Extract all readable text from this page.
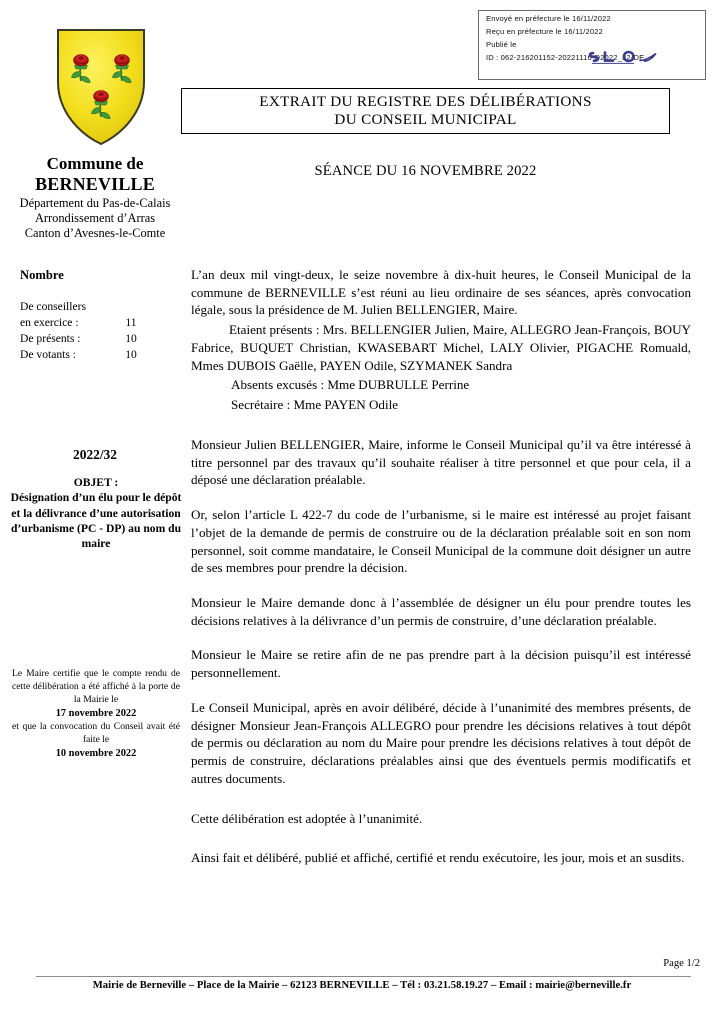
Envoyé en préfecture le 16/11/2022
Reçu en préfecture le 16/11/2022
Publié le
ID : 062-216201152-20221116-D2022_32-DE
Commune de
BERNEVILLE
Département du Pas-de-Calais
Arrondissement d’Arras
Canton d’Avesnes-le-Comte
EXTRAIT DU REGISTRE DES DÉLIBÉRATIONS
DU CONSEIL MUNICIPAL
SÉANCE DU 16 NOVEMBRE 2022
Nombre
De conseillers
en exercice :	11
De présents :	10
De votants :	10
2022/32
OBJET :
Désignation d’un élu pour le dépôt et la délivrance d’une autorisation d’urbanisme (PC - DP) au nom du maire

Le Maire certifie que le compte rendu de cette délibération a été affiché à la porte de la Mairie le

17 novembre 2022

et que la convocation du Conseil avait été faite le

10 novembre 2022

L’an deux mil vingt-deux, le seize novembre à dix-huit heures, le Conseil Municipal de la commune de BERNEVILLE s’est réuni au lieu ordinaire de ses séances, après convocation légale, sous la présidence de M. Julien BELLENGIER, Maire.

Etaient présents : Mrs. BELLENGIER Julien, Maire, ALLEGRO Jean-François, BOUY Fabrice, BUQUET Christian, KWASEBART Michel, LALY Olivier, PIGACHE Romuald, Mmes DUBOIS Gaëlle, PAYEN Odile, SZYMANEK Sandra

Absents excusés : Mme DUBRULLE Perrine

Secrétaire : Mme PAYEN Odile

Monsieur Julien BELLENGIER, Maire, informe le Conseil Municipal qu’il va être intéressé à titre personnel par des travaux qu’il souhaite réaliser à titre personnel et que pour cela, il a déposé une déclaration préalable.

Or, selon l’article L 422-7 du code de l’urbanisme, si le maire est intéressé au projet faisant l’objet de la demande de permis de construire ou de la déclaration préalable soit en son nom personnel, soit comme mandataire, le Conseil Municipal de la commune doit désigner un autre de ses membres pour prendre la décision.

Monsieur le Maire demande donc à l’assemblée de désigner un élu pour prendre toutes les décisions relatives à la délivrance d’un permis de construire, d’une déclaration préalable.

Monsieur le Maire se retire afin de ne pas prendre part à la décision puisqu’il est intéressé personnellement.

Le Conseil Municipal, après en avoir délibéré, décide à l’unanimité des membres présents, de désigner Monsieur Jean-François ALLEGRO pour prendre les décisions relatives à tout dépôt de permis ou déclaration au nom du Maire pour prendre les décisions relatives à tout dépôt de permis de construire, déclarations préalables ainsi que des éventuels permis modificatifs et autres documents.

Cette délibération est adoptée à l’unanimité.

Ainsi fait et délibéré, publié et affiché, certifié et rendu exécutoire, les jour, mois et an susdits.

Page 1/2
Mairie de Berneville – Place de la Mairie – 62123 BERNEVILLE – Tél : 03.21.58.19.27 – Email : mairie@berneville.fr
